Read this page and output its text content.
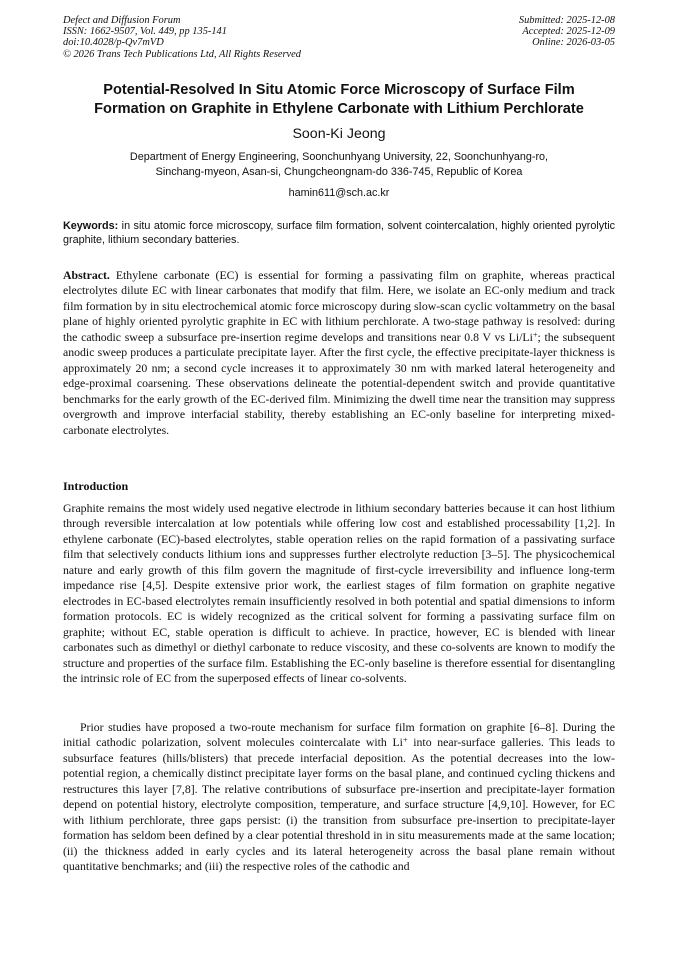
Defect and Diffusion Forum
ISSN: 1662-9507, Vol. 449, pp 135-141
doi:10.4028/p-Qv7mVD
© 2026 Trans Tech Publications Ltd, All Rights Reserved
Submitted: 2025-12-08
Accepted: 2025-12-09
Online: 2026-03-05
Potential-Resolved In Situ Atomic Force Microscopy of Surface Film
Formation on Graphite in Ethylene Carbonate with Lithium Perchlorate
Soon-Ki Jeong
Department of Energy Engineering, Soonchunhyang University, 22, Soonchunhyang-ro,
Sinchang-myeon, Asan-si, Chungcheongnam-do 336-745, Republic of Korea
hamin611@sch.ac.kr
Keywords: in situ atomic force microscopy, surface film formation, solvent cointercalation, highly oriented pyrolytic graphite, lithium secondary batteries.

Abstract. Ethylene carbonate (EC) is essential for forming a passivating film on graphite, whereas practical electrolytes dilute EC with linear carbonates that modify that film. Here, we isolate an EC-only medium and track film formation by in situ electrochemical atomic force microscopy during slow-scan cyclic voltammetry on the basal plane of highly oriented pyrolytic graphite in EC with lithium perchlorate. A two-stage pathway is resolved: during the cathodic sweep a subsurface pre-insertion regime develops and transitions near 0.8 V vs Li/Li+; the subsequent anodic sweep produces a particulate precipitate layer. After the first cycle, the effective precipitate-layer thickness is approximately 20 nm; a second cycle increases it to approximately 30 nm with marked lateral heterogeneity and edge-proximal coarsening. These observations delineate the potential-dependent switch and provide quantitative benchmarks for the early growth of the EC-derived film. Minimizing the dwell time near the transition may suppress overgrowth and improve interfacial stability, thereby establishing an EC-only baseline for interpreting mixed-carbonate electrolytes.

Introduction

Graphite remains the most widely used negative electrode in lithium secondary batteries because it can host lithium through reversible intercalation at low potentials while offering low cost and established processability [1,2]. In ethylene carbonate (EC)-based electrolytes, stable operation relies on the rapid formation of a passivating surface film that selectively conducts lithium ions and suppresses further electrolyte reduction [3–5]. The physicochemical nature and early growth of this film govern the magnitude of first-cycle irreversibility and influence long-term impedance rise [4,5]. Despite extensive prior work, the earliest stages of film formation on graphite negative electrodes in EC-based electrolytes remain insufficiently resolved in both potential and spatial dimensions to inform formation protocols. EC is widely recognized as the critical solvent for forming a passivating surface film on graphite; without EC, stable operation is difficult to achieve. In practice, however, EC is blended with linear carbonates such as dimethyl or diethyl carbonate to reduce viscosity, and these co-solvents are known to modify the structure and properties of the surface film. Establishing the EC-only baseline is therefore essential for disentangling the intrinsic role of EC from the superposed effects of linear co-solvents.

Prior studies have proposed a two-route mechanism for surface film formation on graphite [6–8]. During the initial cathodic polarization, solvent molecules cointercalate with Li+ into near-surface galleries. This leads to subsurface features (hills/blisters) that precede interfacial deposition. As the potential decreases into the low-potential region, a chemically distinct precipitate layer forms on the basal plane, and continued cycling thickens and restructures this layer [7,8]. The relative contributions of subsurface pre-insertion and precipitate-layer formation depend on potential history, electrolyte composition, temperature, and surface structure [4,9,10]. However, for EC with lithium perchlorate, three gaps persist: (i) the transition from subsurface pre-insertion to precipitate-layer formation has seldom been defined by a clear potential threshold in in situ measurements made at the same location; (ii) the thickness added in early cycles and its lateral heterogeneity across the basal plane remain without quantitative benchmarks; and (iii) the respective roles of the cathodic and
